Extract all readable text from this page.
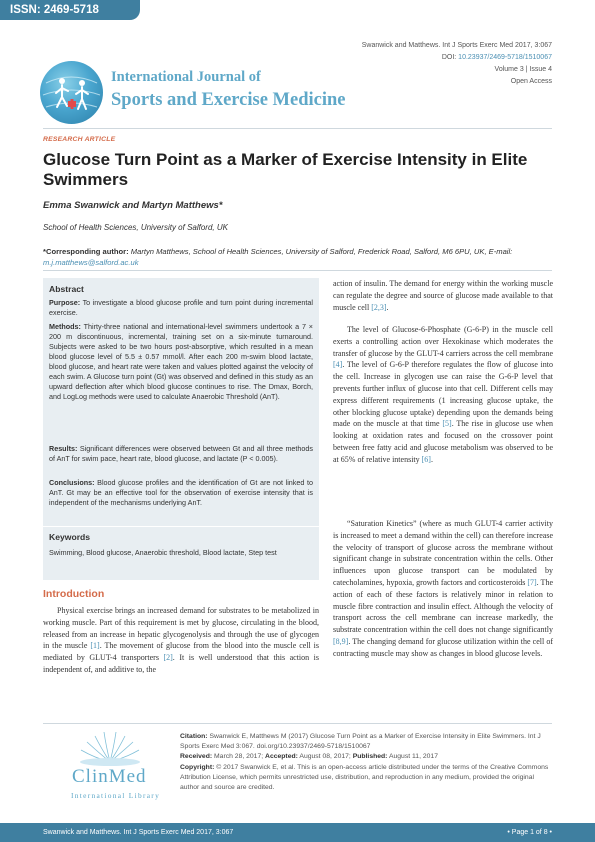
ISSN: 2469-5718
Swanwick and Matthews. Int J Sports Exerc Med 2017, 3:067
DOI: 10.23937/2469-5718/1510067
Volume 3 | Issue 4
Open Access
International Journal of
Sports and Exercise Medicine
RESEARCH ARTICLE
Glucose Turn Point as a Marker of Exercise Intensity in Elite Swimmers
Emma Swanwick and Martyn Matthews*
School of Health Sciences, University of Salford, UK
*Corresponding author: Martyn Matthews, School of Health Sciences, University of Salford, Frederick Road, Salford, M6 6PU, UK, E-mail: m.j.matthews@salford.ac.uk
Abstract
Purpose: To investigate a blood glucose profile and turn point during incremental exercise.
Methods: Thirty-three national and international-level swimmers undertook a 7 × 200 m discontinuous, incremental, training set on a six-minute turnaround. Subjects were asked to be two hours post-absorptive, which resulted in a mean blood glucose level of 5.5 ± 0.57 mmol/l. After each 200 m-swim blood lactate, blood glucose, and heart rate were taken and values plotted against the velocity of each swim. A Glucose turn point (Gt) was observed and defined in this study as an upward deflection after which blood glucose continues to rise. The Dmax, Borch, and LogLog methods were used to calculate Anaerobic Threshold (AnT).
Results: Significant differences were observed between Gt and all three methods of AnT for swim pace, heart rate, blood glucose, and lactate (P < 0.005).
Conclusions: Blood glucose profiles and the identification of Gt are not linked to AnT. Gt may be an effective tool for the observation of exercise intensity that is independent of the mechanisms underlying AnT.
Keywords
Swimming, Blood glucose, Anaerobic threshold, Blood lactate, Step test
Introduction
Physical exercise brings an increased demand for substrates to be metabolized in working muscle. Part of this requirement is met by glucose, circulating in the blood, released from an increase in hepatic glycogenolysis and through the use of glycogen in the muscle [1]. The movement of glucose from the blood into the muscle cell is mediated by GLUT-4 transporters [2]. It is well understood that this action is independent of, and additive to, the
action of insulin. The demand for energy within the working muscle can regulate the degree and source of glucose made available to that muscle cell [2,3].
The level of Glucose-6-Phosphate (G-6-P) in the muscle cell exerts a controlling action over Hexokinase which moderates the transfer of glucose by the GLUT-4 carriers across the cell membrane [4]. The level of G-6-P therefore regulates the flow of glucose into the cell. Increase in glycogen use can raise the G-6-P level that prevents further influx of glucose into that cell. Different cells may express different requirements (1 increasing glucose uptake, the other blocking glucose uptake) depending upon the demands being made on the muscle at that time [5]. The rise in glucose use when looking at oxidation rates and focused on the crossover point between free fatty acid and glucose metabolism was observed to be at 65% of relative intensity [6].
“Saturation Kinetics” (where as much GLUT-4 carrier activity is increased to meet a demand within the cell) can therefore increase the velocity of transport of glucose across the membrane without significant change in substrate concentration within the cells. Other influences upon glucose transport can be modulated by catecholamines, hypoxia, growth factors and corticosteroids [7]. The action of each of these factors is relatively minor in relation to muscle fibre contraction and insulin effect. Although the velocity of transport across the cell membrane can increase markedly, the substrate concentration within the cell does not change significantly [8,9]. The changing demand for glucose utilization within the cell of contracting muscle may show as changes in blood glucose levels.
ClinMed
International Library
Citation: Swanwick E, Matthews M (2017) Glucose Turn Point as a Marker of Exercise Intensity in Elite Swimmers. Int J Sports Exerc Med 3:067. doi.org/10.23937/2469-5718/1510067
Received: March 28, 2017; Accepted: August 08, 2017; Published: August 11, 2017
Copyright: © 2017 Swanwick E, et al. This is an open-access article distributed under the terms of the Creative Commons Attribution License, which permits unrestricted use, distribution, and reproduction in any medium, provided the original author and source are credited.
Swanwick and Matthews. Int J Sports Exerc Med 2017, 3:067	• Page 1 of 8 •
